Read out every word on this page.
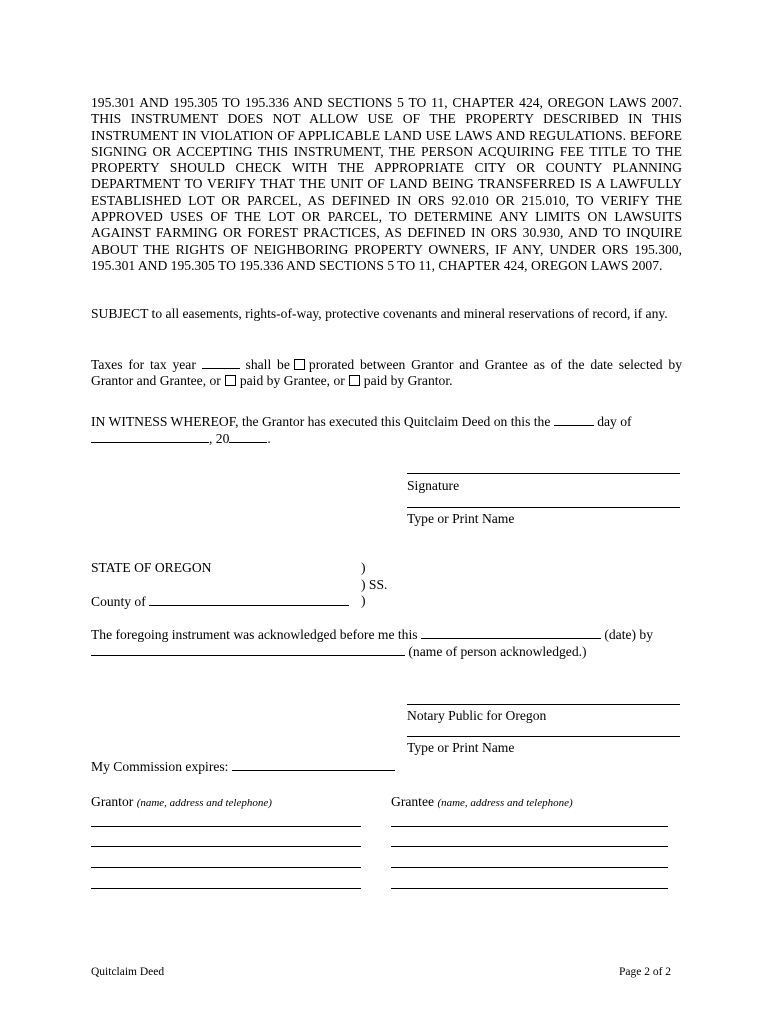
195.301 AND 195.305 TO 195.336 AND SECTIONS 5 TO 11, CHAPTER 424, OREGON LAWS 2007. THIS INSTRUMENT DOES NOT ALLOW USE OF THE PROPERTY DESCRIBED IN THIS INSTRUMENT IN VIOLATION OF APPLICABLE LAND USE LAWS AND REGULATIONS. BEFORE SIGNING OR ACCEPTING THIS INSTRUMENT, THE PERSON ACQUIRING FEE TITLE TO THE PROPERTY SHOULD CHECK WITH THE APPROPRIATE CITY OR COUNTY PLANNING DEPARTMENT TO VERIFY THAT THE UNIT OF LAND BEING TRANSFERRED IS A LAWFULLY ESTABLISHED LOT OR PARCEL, AS DEFINED IN ORS 92.010 OR 215.010, TO VERIFY THE APPROVED USES OF THE LOT OR PARCEL, TO DETERMINE ANY LIMITS ON LAWSUITS AGAINST FARMING OR FOREST PRACTICES, AS DEFINED IN ORS 30.930, AND TO INQUIRE ABOUT THE RIGHTS OF NEIGHBORING PROPERTY OWNERS, IF ANY, UNDER ORS 195.300, 195.301 AND 195.305 TO 195.336 AND SECTIONS 5 TO 11, CHAPTER 424, OREGON LAWS 2007.

SUBJECT to all easements, rights-of-way, protective covenants and mineral reservations of record, if any.

Taxes for tax year	shall be prorated between Grantor and Grantee as of the date selected by Grantor and Grantee, or paid by Grantee, or paid by Grantor.

IN WITNESS WHEREOF, the Grantor has executed this Quitclaim Deed on this the	day of
, 20	.

Signature
Type or Print Name
STATE OF OREGON	)
) SS.
County of	)

The foregoing instrument was acknowledged before me this	(date) by
(name of person acknowledged.)

Notary Public for Oregon
Type or Print Name
My Commission expires:
Grantor (name, address and telephone)	Grantee (name, address and telephone)
Quitclaim Deed	Page 2 of 2
